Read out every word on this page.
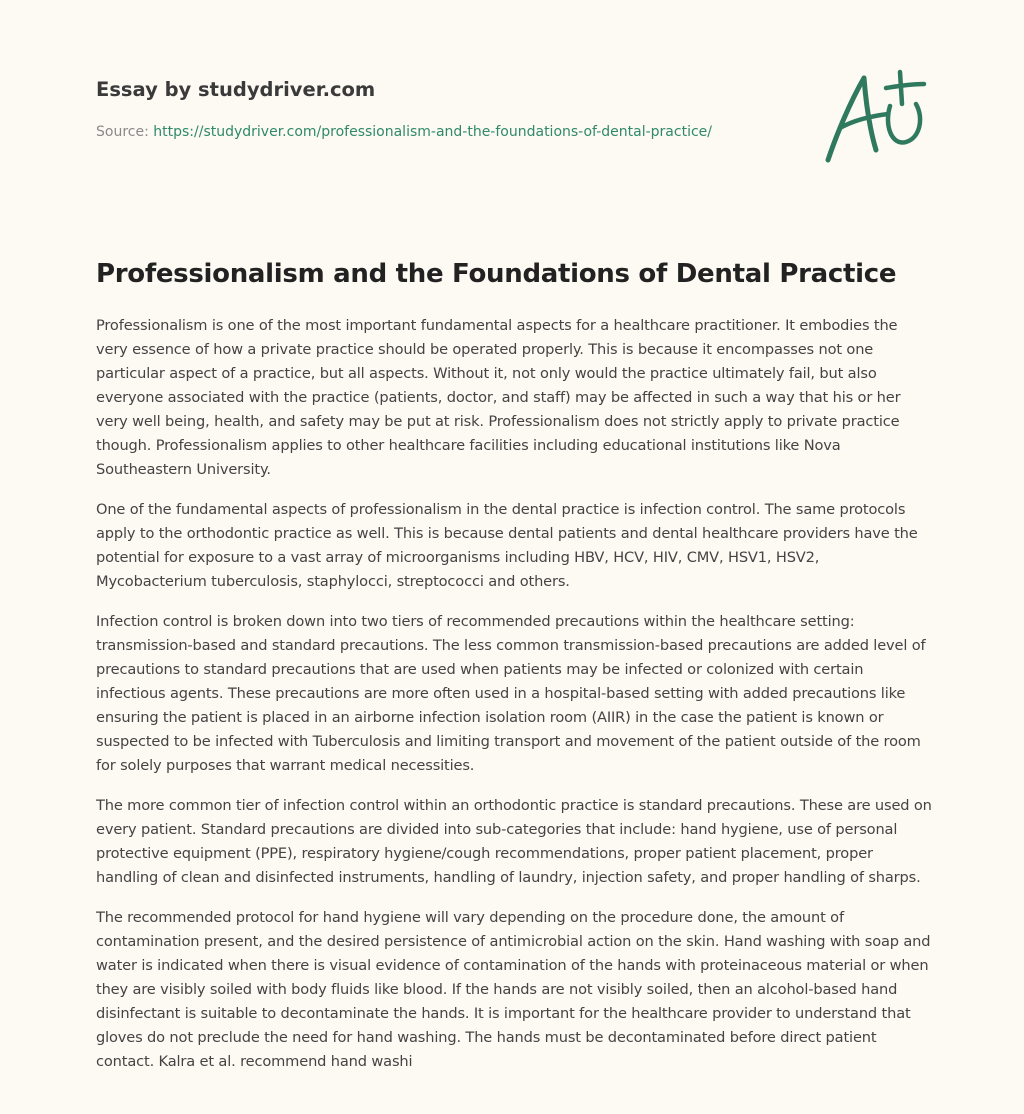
Essay by studydriver.com

Source: https://studydriver.com/professionalism-and-the-foundations-of-dental-practice/
Professionalism and the Foundations of Dental Practice

Professionalism is one of the most important fundamental aspects for a healthcare practitioner. It embodies the very essence of how a private practice should be operated properly. This is because it encompasses not one particular aspect of a practice, but all aspects. Without it, not only would the practice ultimately fail, but also everyone associated with the practice (patients, doctor, and staff) may be affected in such a way that his or her very well being, health, and safety may be put at risk. Professionalism does not strictly apply to private practice though. Professionalism applies to other healthcare facilities including educational institutions like Nova Southeastern University.

One of the fundamental aspects of professionalism in the dental practice is infection control. The same protocols apply to the orthodontic practice as well. This is because dental patients and dental healthcare providers have the potential for exposure to a vast array of microorganisms including HBV, HCV, HIV, CMV, HSV1, HSV2, Mycobacterium tuberculosis, staphylocci, streptococci and others.

Infection control is broken down into two tiers of recommended precautions within the healthcare setting: transmission-based and standard precautions. The less common transmission-based precautions are added level of precautions to standard precautions that are used when patients may be infected or colonized with certain infectious agents. These precautions are more often used in a hospital-based setting with added precautions like ensuring the patient is placed in an airborne infection isolation room (AIIR) in the case the patient is known or suspected to be infected with Tuberculosis and limiting transport and movement of the patient outside of the room for solely purposes that warrant medical necessities.

The more common tier of infection control within an orthodontic practice is standard precautions. These are used on every patient. Standard precautions are divided into sub-categories that include: hand hygiene, use of personal protective equipment (PPE), respiratory hygiene/cough recommendations, proper patient placement, proper handling of clean and disinfected instruments, handling of laundry, injection safety, and proper handling of sharps.

The recommended protocol for hand hygiene will vary depending on the procedure done, the amount of contamination present, and the desired persistence of antimicrobial action on the skin. Hand washing with soap and water is indicated when there is visual evidence of contamination of the hands with proteinaceous material or when they are visibly soiled with body fluids like blood. If the hands are not visibly soiled, then an alcohol-based hand disinfectant is suitable to decontaminate the hands. It is important for the healthcare provider to understand that gloves do not preclude the need for hand washing. The hands must be decontaminated before direct patient contact. Kalra et al. recommend hand washi
